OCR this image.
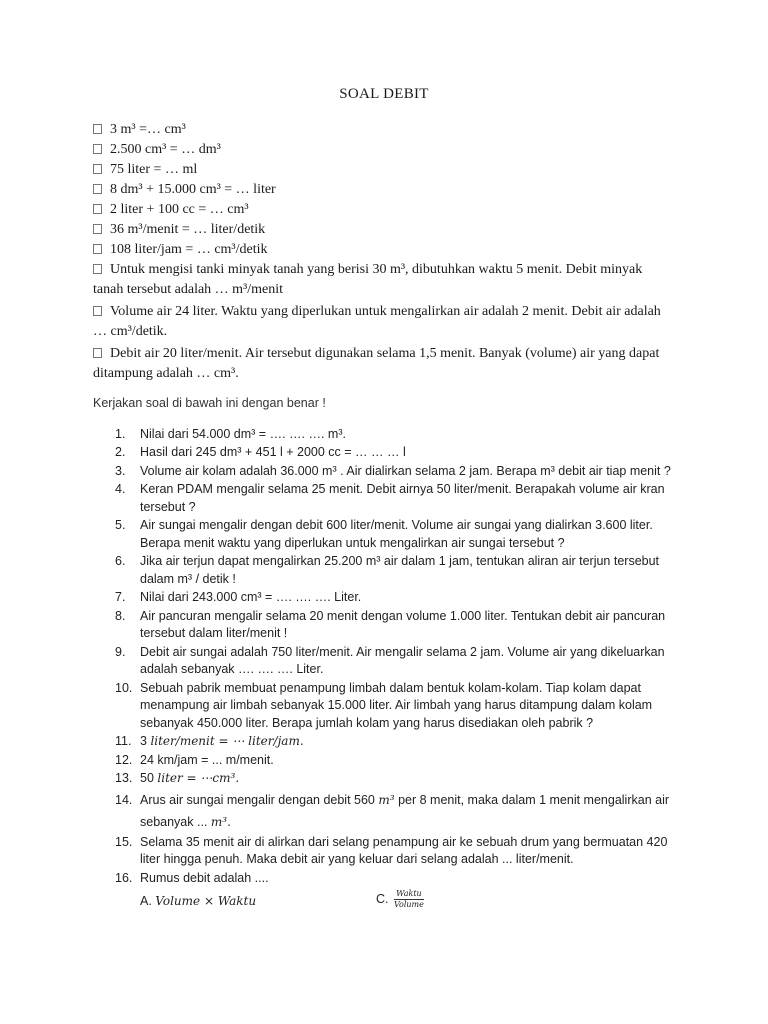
SOAL DEBIT

3 m³ =… cm³

2.500 cm³ = … dm³

75 liter = … ml

8 dm³ + 15.000 cm³ = … liter

2 liter + 100 cc = … cm³

36 m³/menit = … liter/detik

108 liter/jam = … cm³/detik

Untuk mengisi tanki minyak tanah yang berisi 30 m³, dibutuhkan waktu 5 menit. Debit minyak tanah tersebut adalah … m³/menit

Volume air 24 liter. Waktu yang diperlukan untuk mengalirkan air adalah 2 menit. Debit air adalah … cm³/detik.

Debit air 20 liter/menit. Air tersebut digunakan selama 1,5 menit. Banyak (volume) air yang dapat ditampung adalah … cm³.

Kerjakan soal di bawah ini dengan benar !

1.	Nilai dari 54.000 dm³ = …. …. …. m³.
2.	Hasil dari 245 dm³ + 451 l + 2000 cc = … … … l
3.	Volume air kolam adalah 36.000 m³ . Air dialirkan selama 2 jam. Berapa m³ debit air tiap menit ?
4.	Keran PDAM mengalir selama 25 menit. Debit airnya 50 liter/menit. Berapakah volume air kran tersebut ?
5.	Air sungai mengalir dengan debit 600 liter/menit. Volume air sungai yang dialirkan 3.600 liter. Berapa menit waktu yang diperlukan untuk mengalirkan air sungai tersebut ?
6.	Jika air terjun dapat mengalirkan 25.200 m³ air dalam 1 jam, tentukan aliran air terjun tersebut dalam m³ / detik !
7.	Nilai dari 243.000 cm³ = …. …. …. Liter.
8.	Air pancuran mengalir selama 20 menit dengan volume 1.000 liter. Tentukan debit air pancuran tersebut dalam liter/menit !
9.	Debit air sungai adalah 750 liter/menit. Air mengalir selama 2 jam. Volume air yang dikeluarkan adalah sebanyak …. …. …. Liter.
10. Sebuah pabrik membuat penampung limbah dalam bentuk kolam-kolam. Tiap kolam dapat menampung air limbah sebanyak 15.000 liter. Air limbah yang harus ditampung dalam kolam sebanyak 450.000 liter. Berapa jumlah kolam yang harus disediakan oleh pabrik ?
11. 3 liter/menit = ⋯ liter/jam.
12. 24 km/jam = ... m/menit.
13. 50 liter = ⋯cm³.
14. Arus air sungai mengalir dengan debit 560 m³ per 8 menit, maka dalam 1 menit mengalirkan air sebanyak ... m³.
15. Selama 35 menit air di alirkan dari selang penampung air ke sebuah drum yang bermuatan 420 liter hingga penuh. Maka debit air yang keluar dari selang adalah ... liter/menit.
16. Rumus debit adalah ....
A. Volume × Waktu	C. $\frac{\text{Waktu}}{\text{Volume}}$
